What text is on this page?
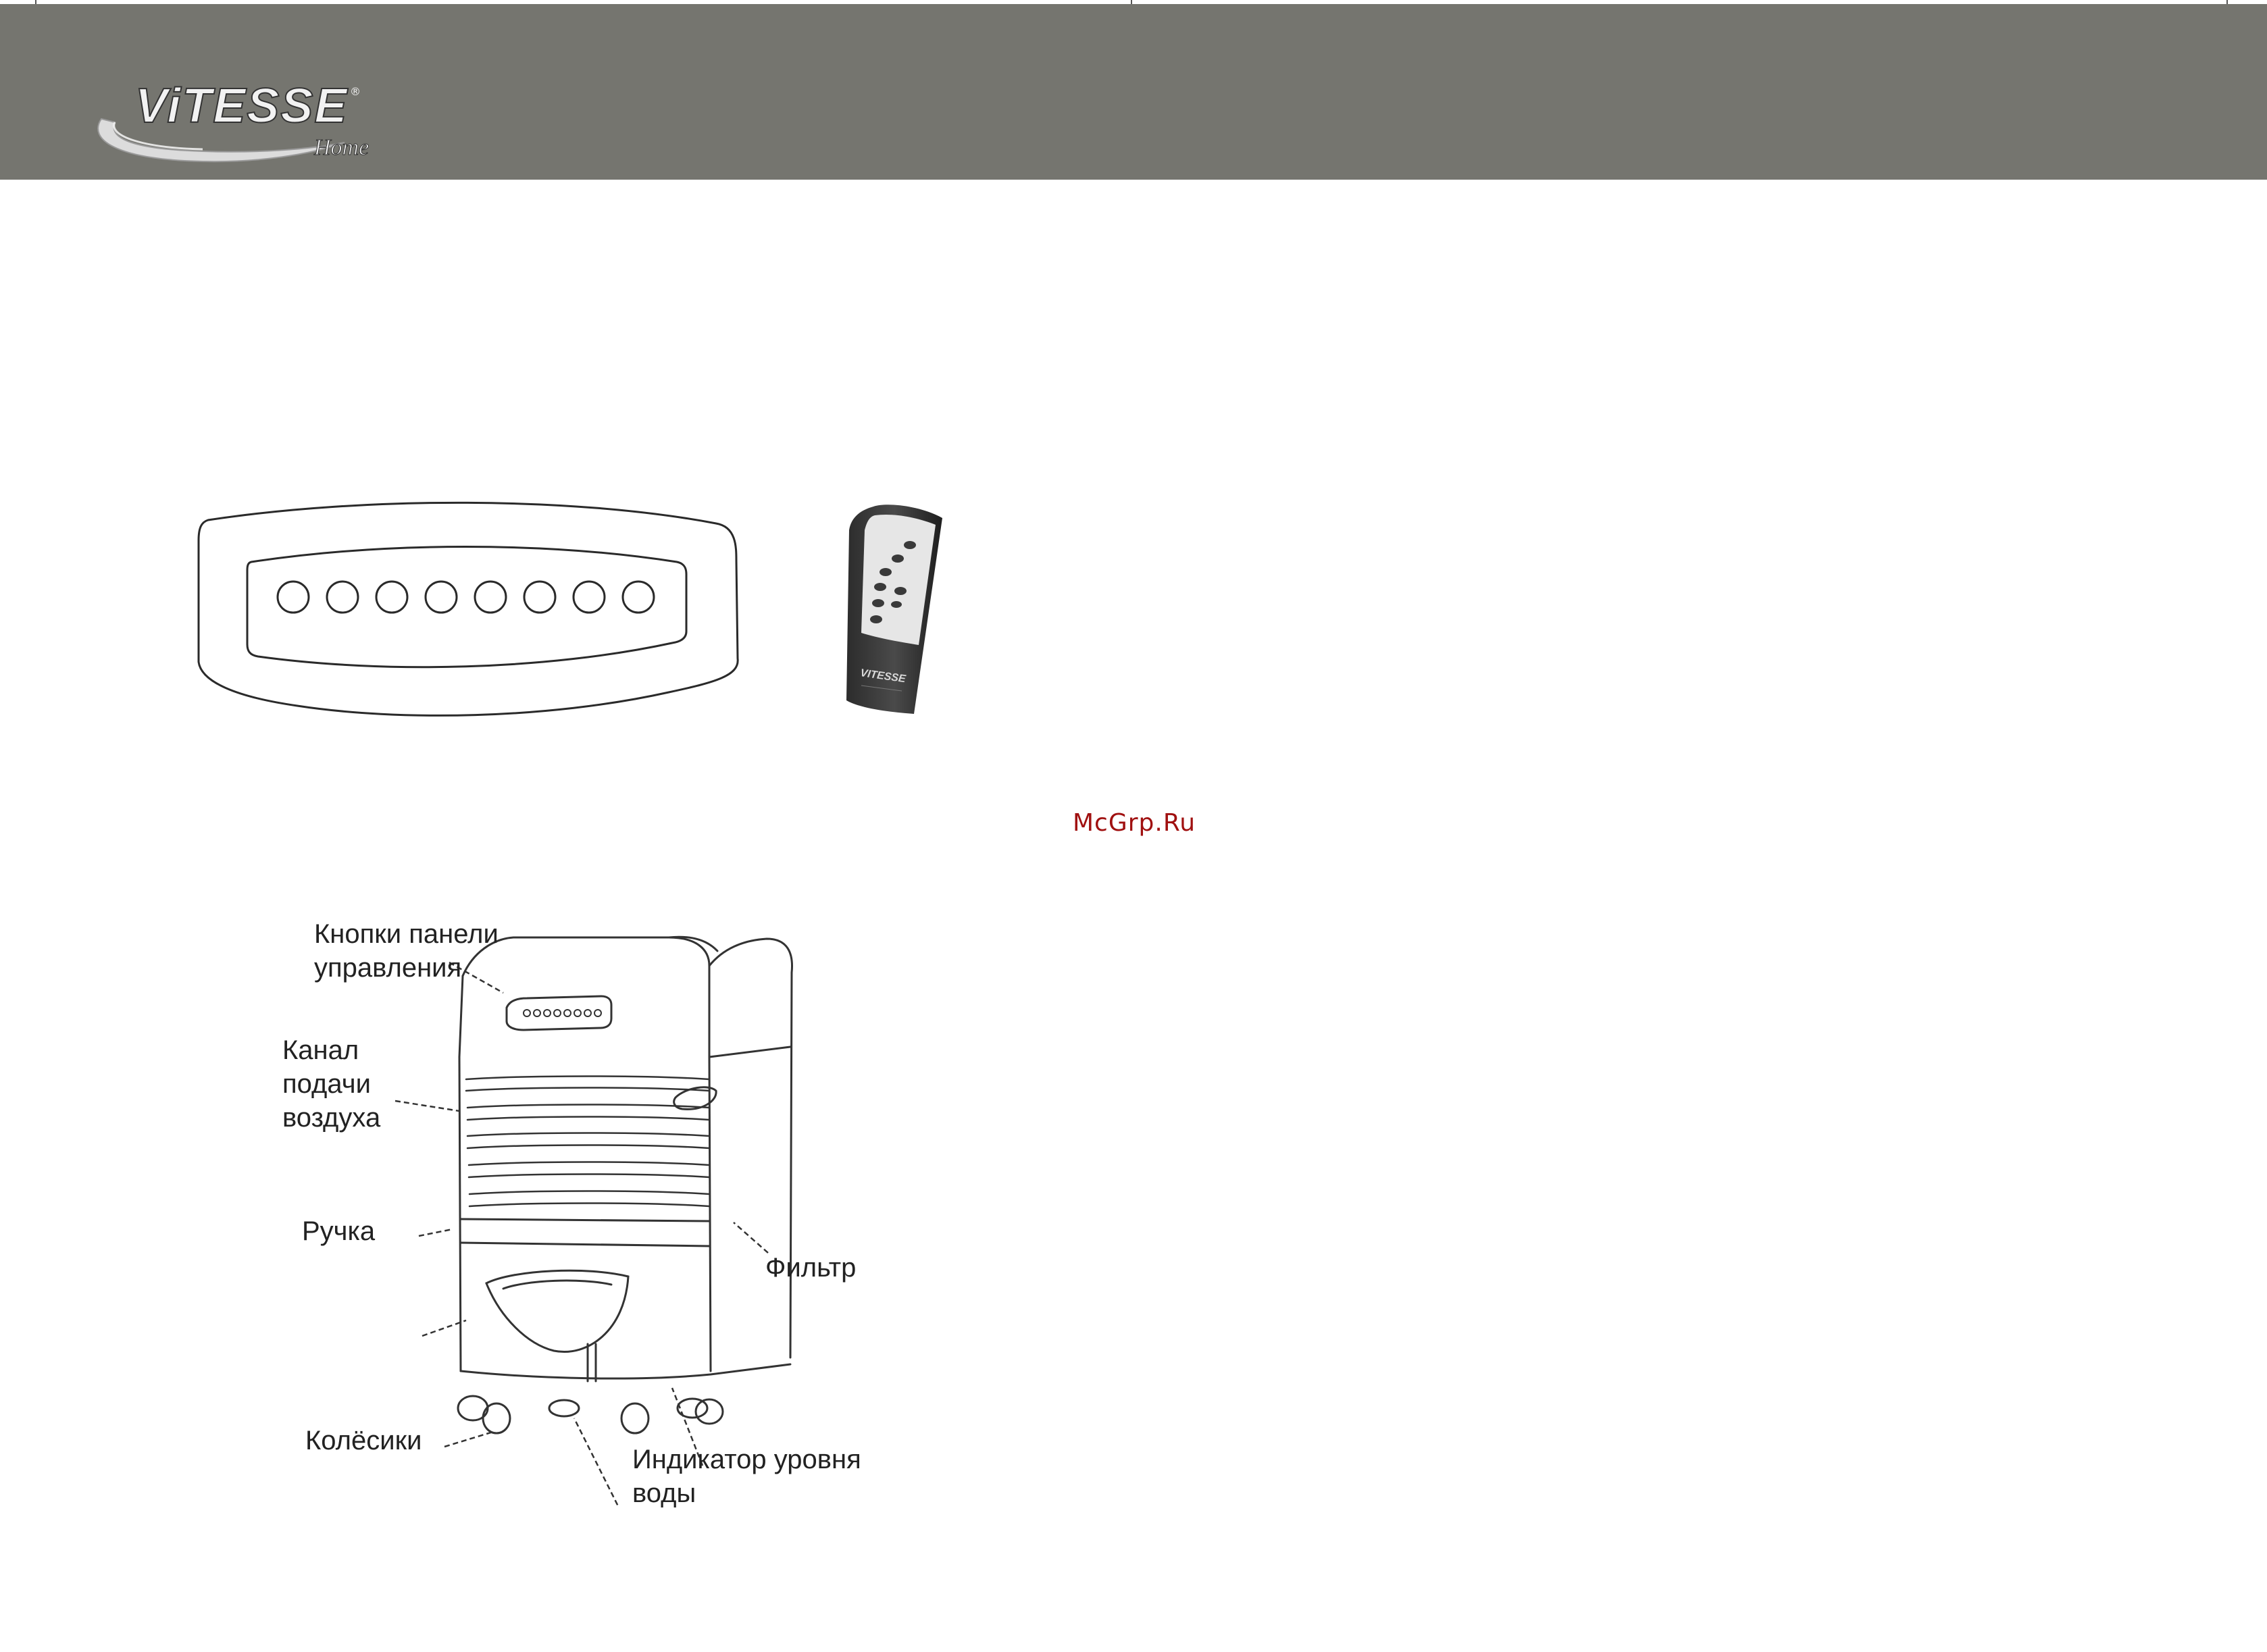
ViTESSE ®
Home
VITESSE
McGrp.Ru
Кнопки панели
управления
Канал
подачи
воздуха
Ручка
Фильтр
Колёсики
Индикатор уровня
воды
